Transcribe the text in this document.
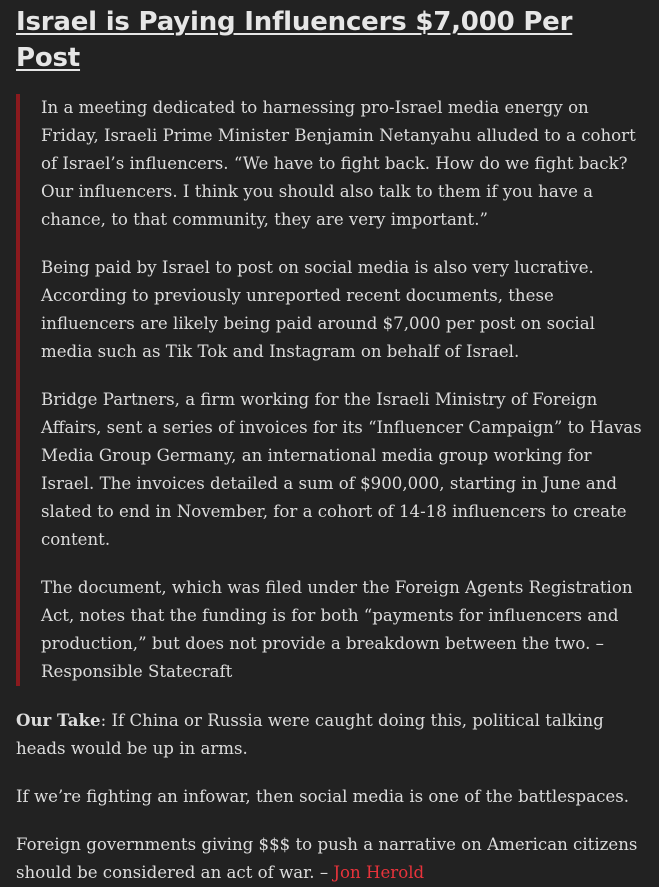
Israel is Paying Influencers $7,000 Per Post

In a meeting dedicated to harnessing pro-Israel media energy on Friday, Israeli Prime Minister Benjamin Netanyahu alluded to a cohort of Israel’s influencers. “We have to fight back. How do we fight back? Our influencers. I think you should also talk to them if you have a chance, to that community, they are very important.”

Being paid by Israel to post on social media is also very lucrative. According to previously unreported recent documents, these influencers are likely being paid around $7,000 per post on social media such as Tik Tok and Instagram on behalf of Israel.

Bridge Partners, a firm working for the Israeli Ministry of Foreign Affairs, sent a series of invoices for its “Influencer Campaign” to Havas Media Group Germany, an international media group working for Israel. The invoices detailed a sum of $900,000, starting in June and slated to end in November, for a cohort of 14-18 influencers to create content.

The document, which was filed under the Foreign Agents Registration Act, notes that the funding is for both “payments for influencers and production,” but does not provide a breakdown between the two. – Responsible Statecraft

Our Take: If China or Russia were caught doing this, political talking heads would be up in arms.

If we’re fighting an infowar, then social media is one of the battlespaces.

Foreign governments giving $$$ to push a narrative on American citizens should be considered an act of war. – Jon Herold
